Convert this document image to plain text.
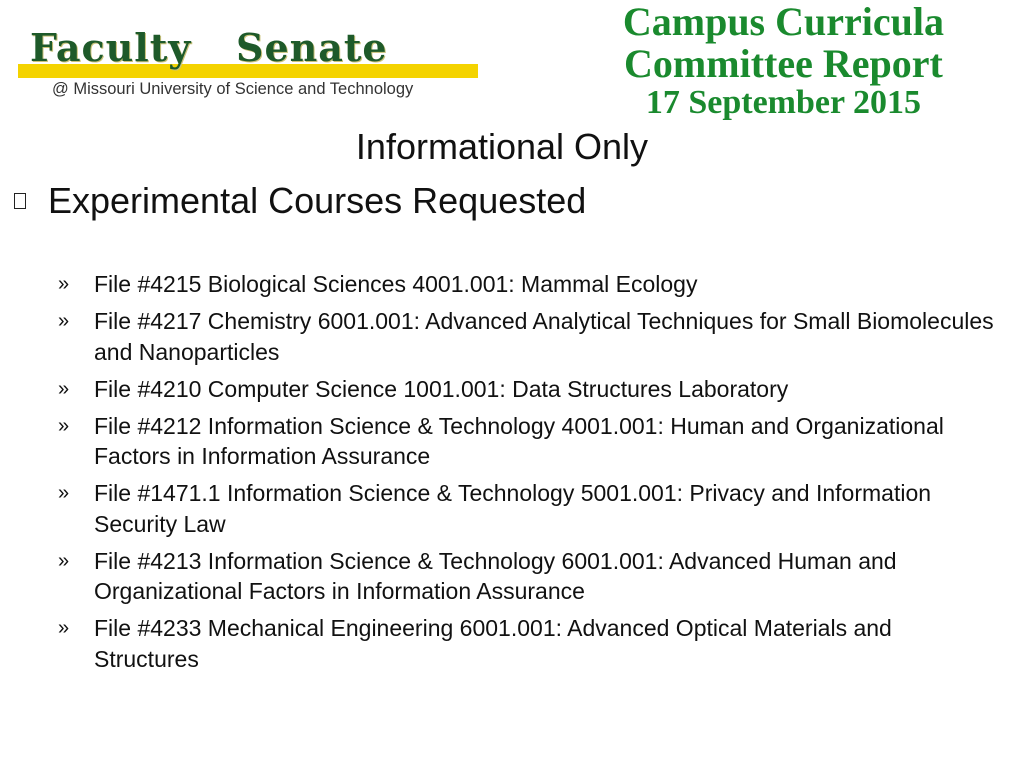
Faculty Senate
@ Missouri University of Science and Technology
Campus Curricula
Committee Report
17 September 2015
Informational Only
Experimental Courses Requested
» File #4215 Biological Sciences 4001.001: Mammal Ecology
» File #4217 Chemistry 6001.001: Advanced Analytical Techniques for Small Biomolecules and Nanoparticles
» File #4210 Computer Science 1001.001: Data Structures Laboratory
» File #4212 Information Science & Technology 4001.001: Human and Organizational Factors in Information Assurance
» File #1471.1 Information Science & Technology 5001.001: Privacy and Information Security Law
» File #4213 Information Science & Technology 6001.001: Advanced Human and Organizational Factors in Information Assurance
» File #4233 Mechanical Engineering 6001.001: Advanced Optical Materials and Structures
